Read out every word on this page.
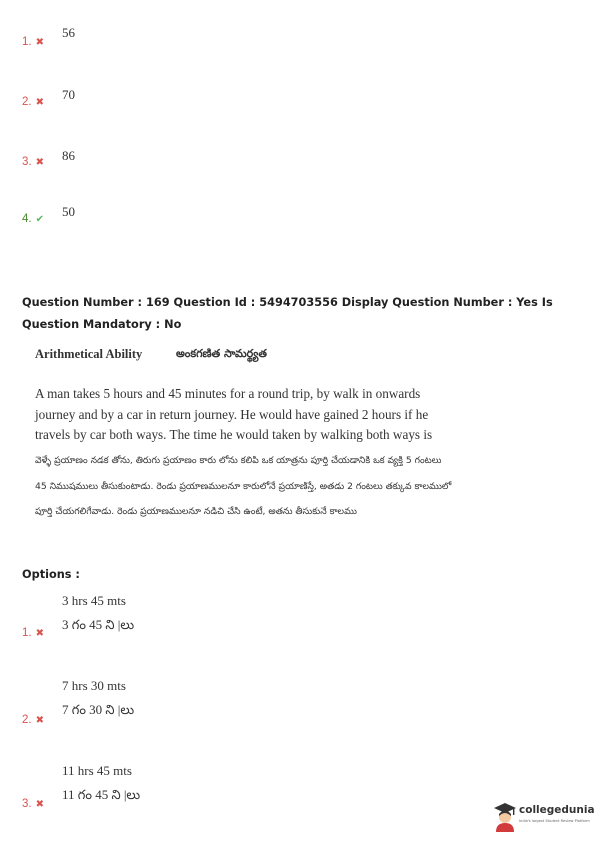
1. ✖
56
2. ✖
70
3. ✖ 86
4. ✔
50
Question Number : 169 Question Id : 5494703556 Display Question Number : Yes Is Question Mandatory : No
Arithmetical Ability	అంకగణిత సామర్థ్యత
A man takes 5 hours and 45 minutes for a round trip, by walk in onwards journey and by a car in return journey. He would have gained 2 hours if he travels by car both ways. The time he would taken by walking both ways is
వెళ్ళే ప్రయాణం నడక తోను, తిరుగు ప్రయాణం కారు లోను కలిపి ఒక యాత్రను పూర్తి చేయడానికి ఒక వ్యక్తి 5 గంటలు 45 నిముషములు తీసుకుంటాడు. రెండు ప్రయాణములనూ కారులోనే ప్రయాణిస్తే, అతడు 2 గంటలు తక్కువ కాలములో పూర్తి చేయగలిగేవాడు. రెండు ప్రయాణములనూ నడిచి చేసి ఉంటే, అతను తీసుకునే కాలము
Options :
3 hrs 45 mts
3 గం 45 ని |లు
1. ✖
7 hrs 30 mts
7 గం 30 ని |లు
2. ✖
11 hrs 45 mts
11 గం 45 ని |లు
3. ✖	collegedunia
India's largest Student Review Platform
